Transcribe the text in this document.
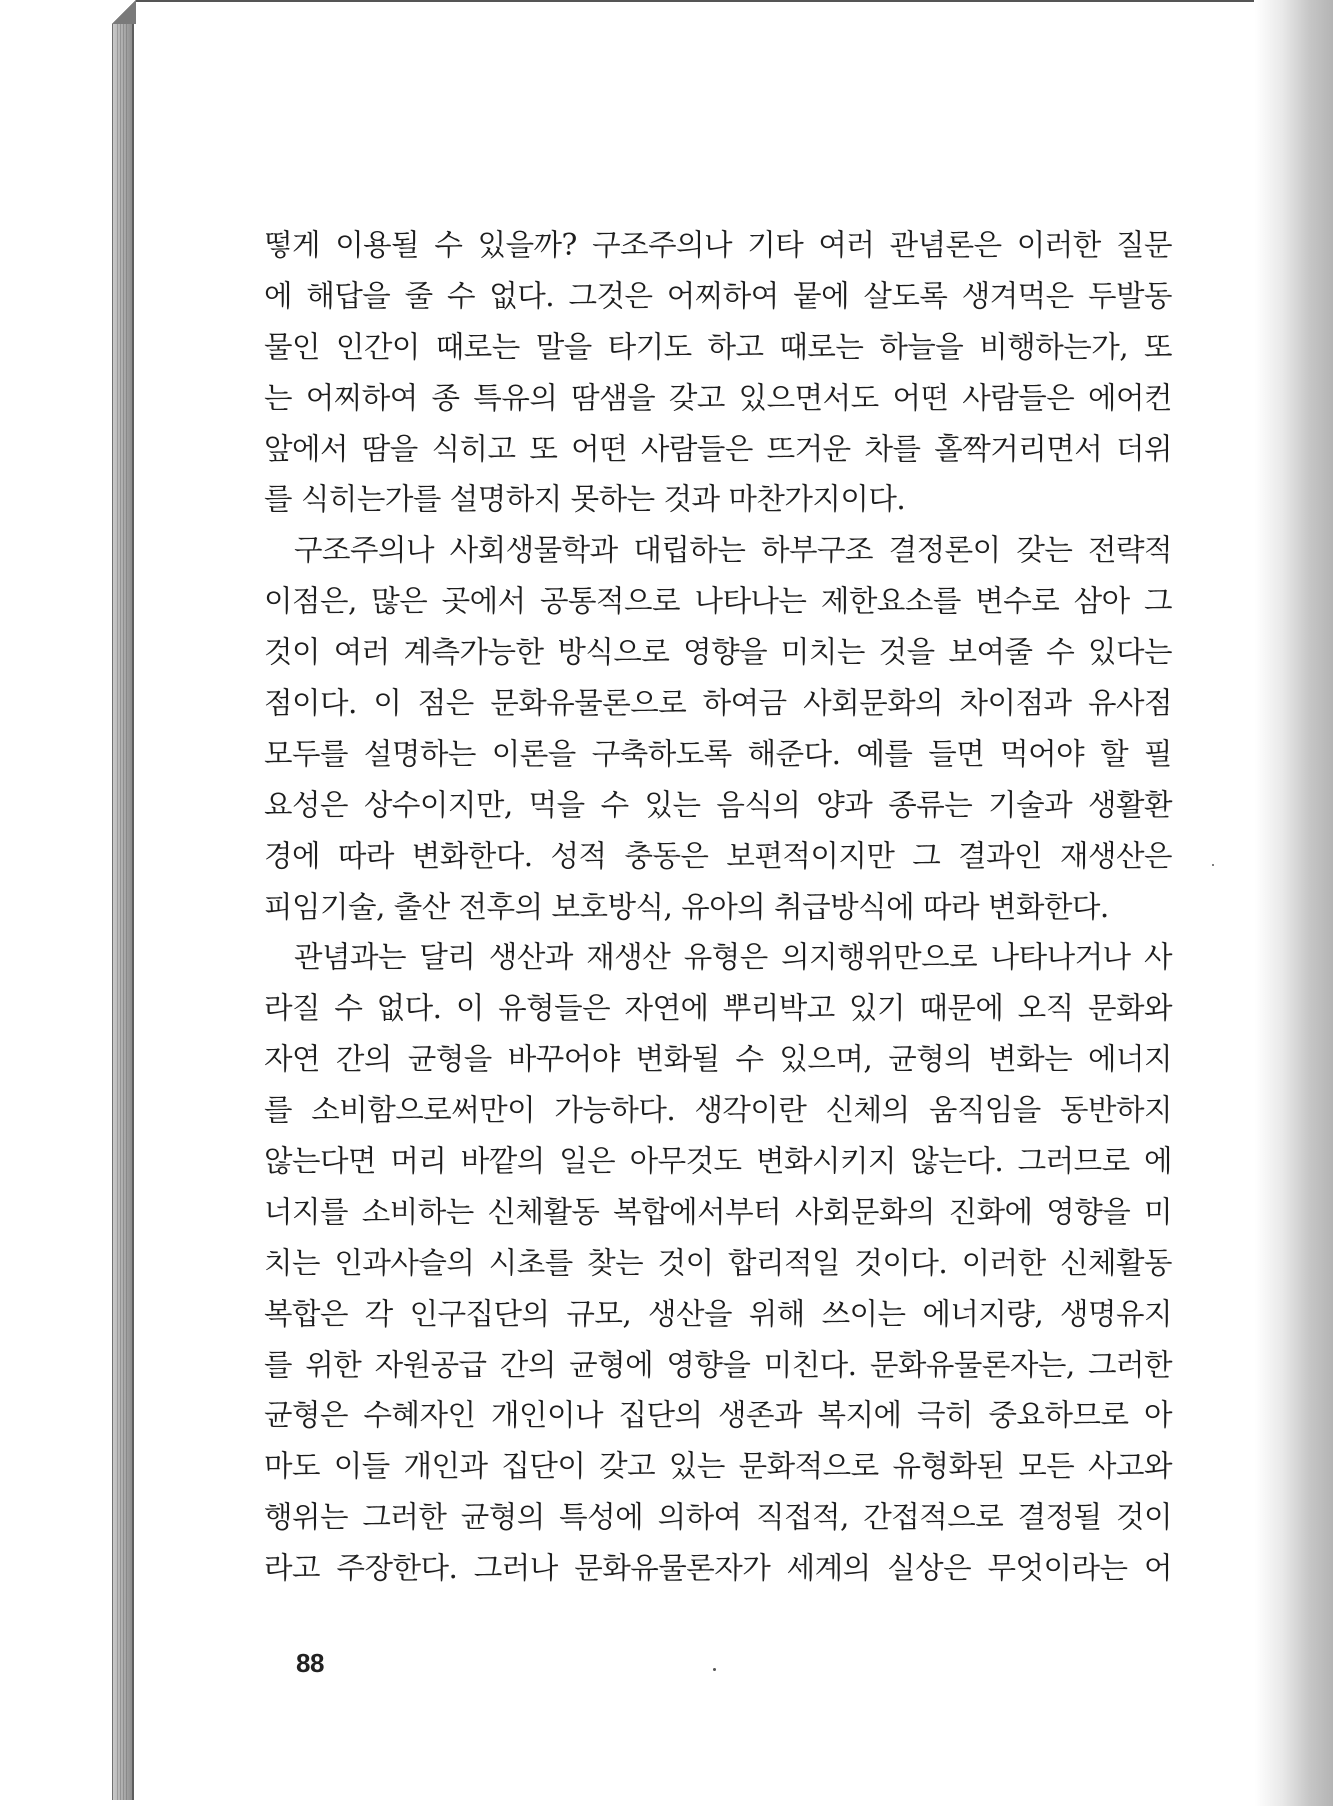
떻게 이용될 수 있을까? 구조주의나 기타 여러 관념론은 이러한 질문
에 해답을 줄 수 없다. 그것은 어찌하여 뭍에 살도록 생겨먹은 두발동
물인 인간이 때로는 말을 타기도 하고 때로는 하늘을 비행하는가, 또
는 어찌하여 종 특유의 땀샘을 갖고 있으면서도 어떤 사람들은 에어컨
앞에서 땀을 식히고 또 어떤 사람들은 뜨거운 차를 홀짝거리면서 더위
를 식히는가를 설명하지 못하는 것과 마찬가지이다.
구조주의나 사회생물학과 대립하는 하부구조 결정론이 갖는 전략적
이점은, 많은 곳에서 공통적으로 나타나는 제한요소를 변수로 삼아 그
것이 여러 계측가능한 방식으로 영향을 미치는 것을 보여줄 수 있다는
점이다. 이 점은 문화유물론으로 하여금 사회문화의 차이점과 유사점
모두를 설명하는 이론을 구축하도록 해준다. 예를 들면 먹어야 할 필
요성은 상수이지만, 먹을 수 있는 음식의 양과 종류는 기술과 생활환
경에 따라 변화한다. 성적 충동은 보편적이지만 그 결과인 재생산은
피임기술, 출산 전후의 보호방식, 유아의 취급방식에 따라 변화한다.
관념과는 달리 생산과 재생산 유형은 의지행위만으로 나타나거나 사
라질 수 없다. 이 유형들은 자연에 뿌리박고 있기 때문에 오직 문화와
자연 간의 균형을 바꾸어야 변화될 수 있으며, 균형의 변화는 에너지
를 소비함으로써만이 가능하다. 생각이란 신체의 움직임을 동반하지
않는다면 머리 바깥의 일은 아무것도 변화시키지 않는다. 그러므로 에
너지를 소비하는 신체활동 복합에서부터 사회문화의 진화에 영향을 미
치는 인과사슬의 시초를 찾는 것이 합리적일 것이다. 이러한 신체활동
복합은 각 인구집단의 규모, 생산을 위해 쓰이는 에너지량, 생명유지
를 위한 자원공급 간의 균형에 영향을 미친다. 문화유물론자는, 그러한
균형은 수혜자인 개인이나 집단의 생존과 복지에 극히 중요하므로 아
마도 이들 개인과 집단이 갖고 있는 문화적으로 유형화된 모든 사고와
행위는 그러한 균형의 특성에 의하여 직접적, 간접적으로 결정될 것이
라고 주장한다. 그러나 문화유물론자가 세계의 실상은 무엇이라는 어
88
